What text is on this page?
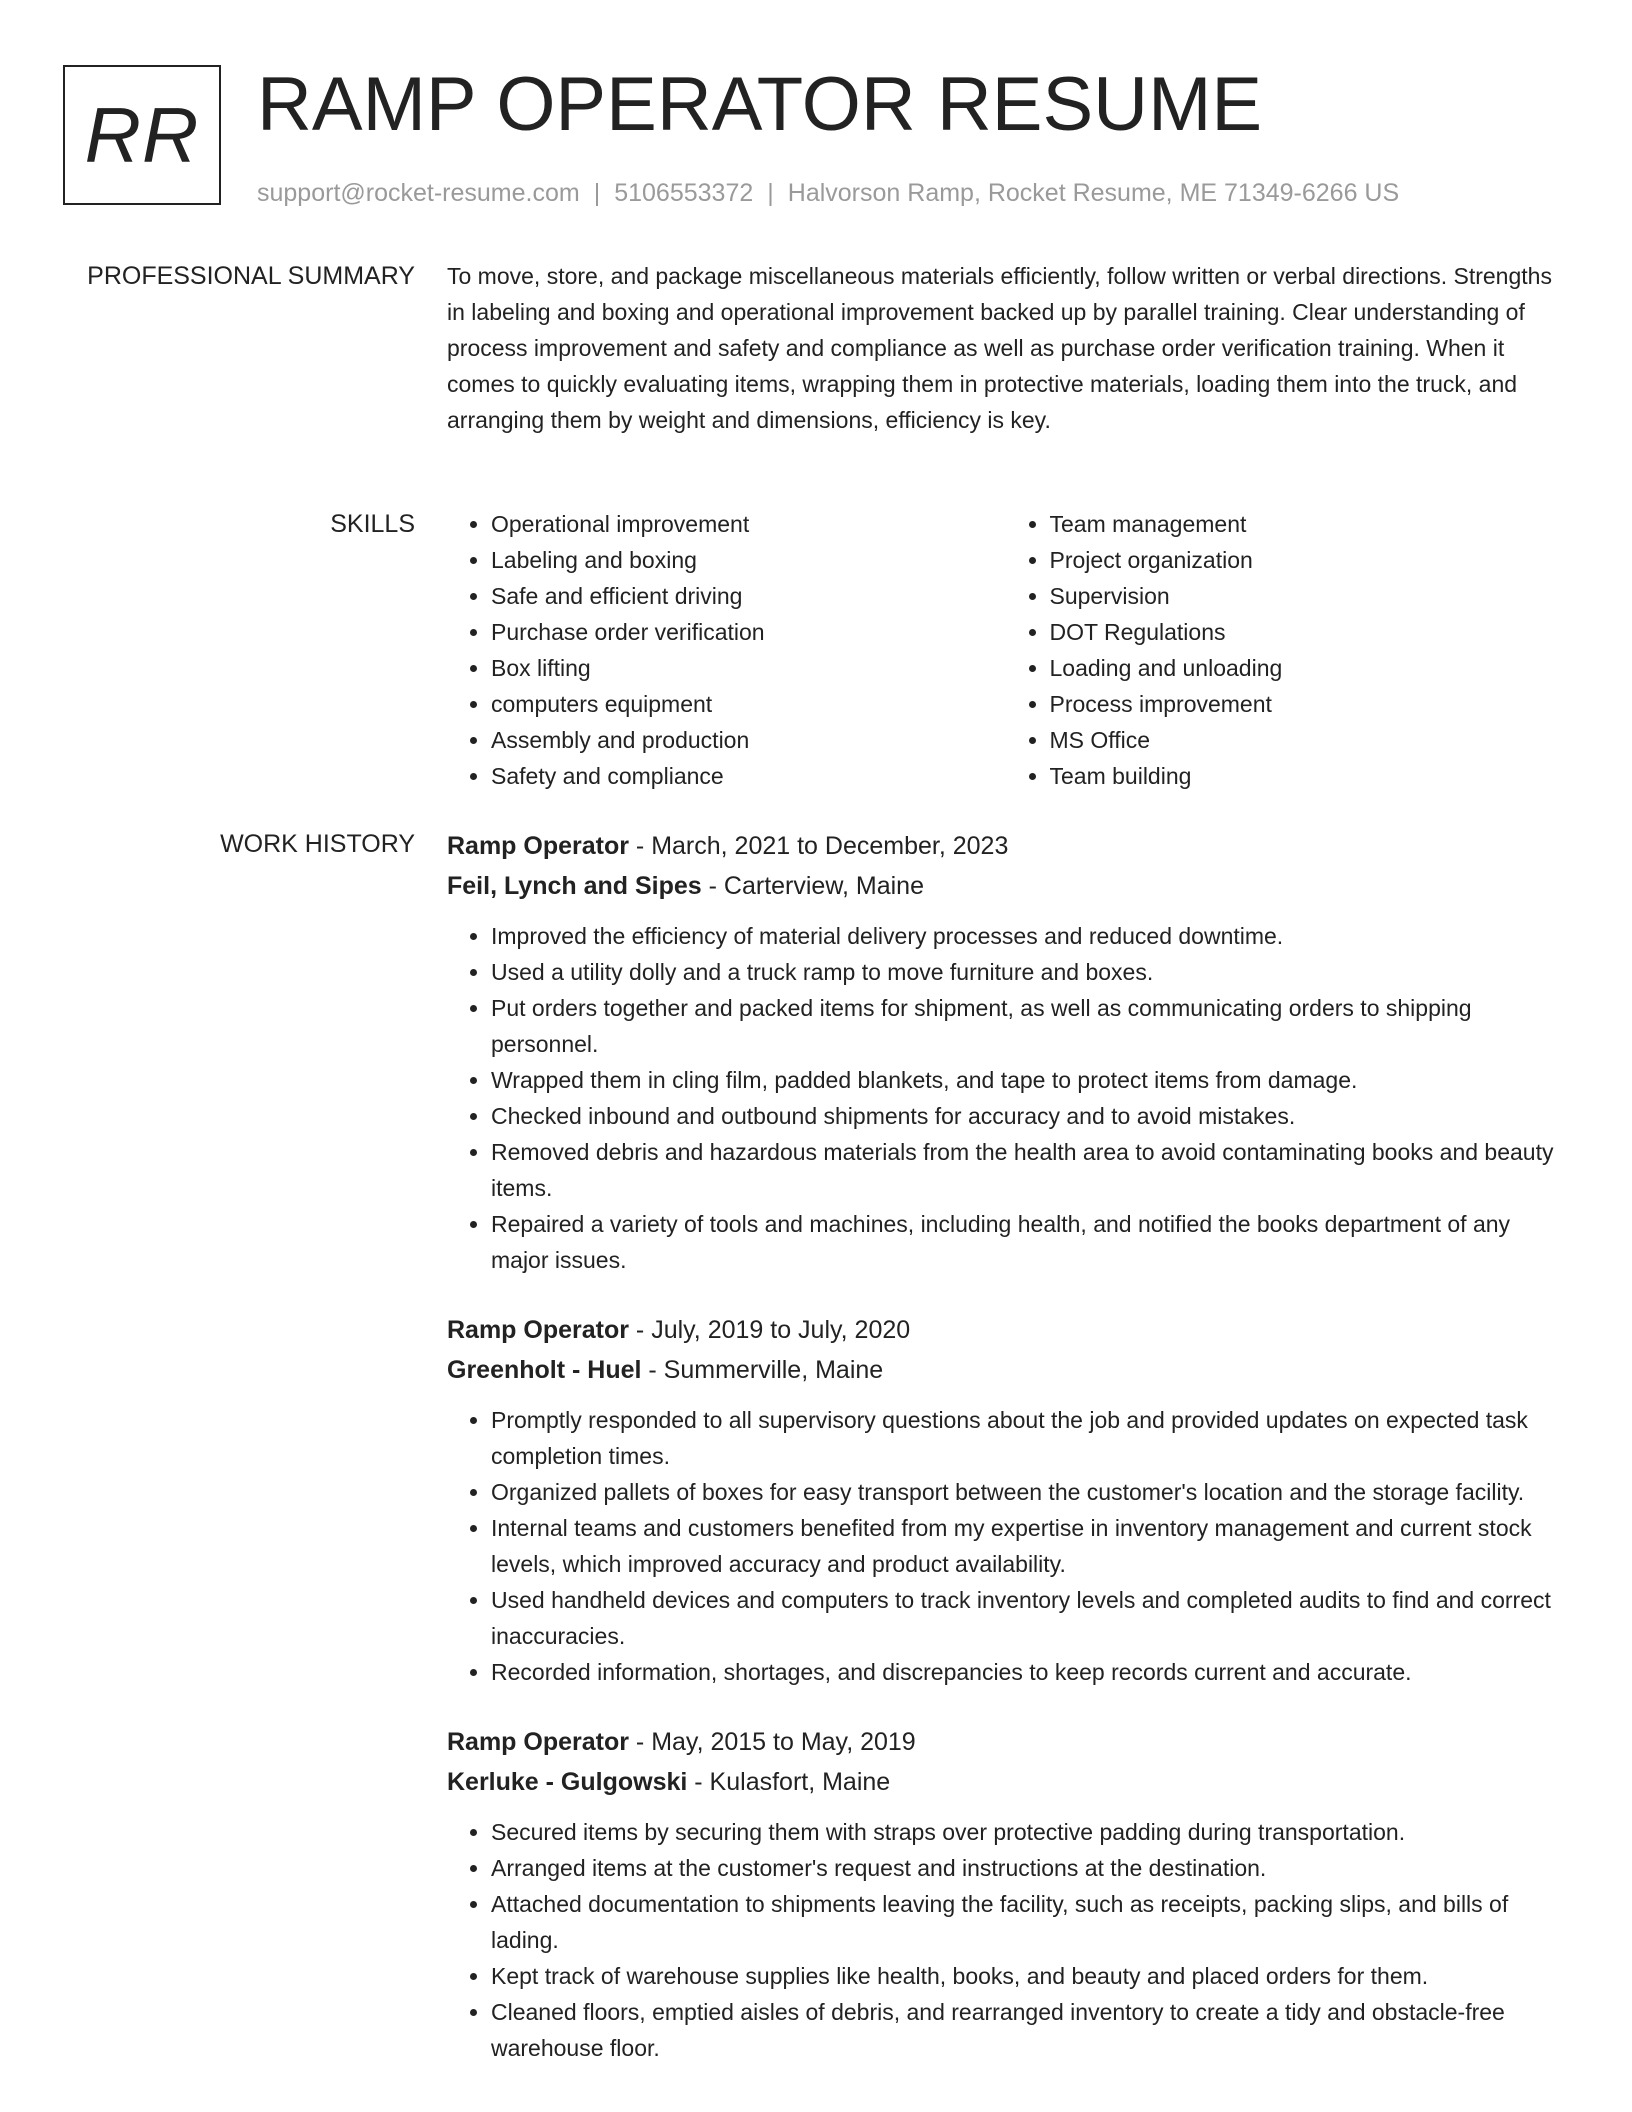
RR RAMP OPERATOR RESUME
support@rocket-resume.com | 5106553372 | Halvorson Ramp, Rocket Resume, ME 71349-6266 US
PROFESSIONAL SUMMARY To move, store, and package miscellaneous materials efficiently, follow written or verbal directions. Strengths in labeling and boxing and operational improvement backed up by parallel training. Clear understanding of process improvement and safety and compliance as well as purchase order verification training. When it comes to quickly evaluating items, wrapping them in protective materials, loading them into the truck, and arranging them by weight and dimensions, efficiency is key.

SKILLS
•	Operational improvement
• Labeling and boxing
• Safe and efficient driving
• Purchase order verification
• Box lifting
• computers equipment
• Assembly and production
• Safety and compliance
• Team management
• Project organization
• Supervision
• DOT Regulations
• Loading and unloading
• Process improvement
• MS Office
• Team building
WORK HISTORY Ramp Operator - March, 2021 to December, 2023
Feil, Lynch and Sipes - Carterview, Maine
• Improved the efficiency of material delivery processes and reduced downtime.
• Used a utility dolly and a truck ramp to move furniture and boxes.
• Put orders together and packed items for shipment, as well as communicating orders to shipping personnel.
• Wrapped them in cling film, padded blankets, and tape to protect items from damage.
• Checked inbound and outbound shipments for accuracy and to avoid mistakes.
• Removed debris and hazardous materials from the health area to avoid contaminating books and beauty items.
• Repaired a variety of tools and machines, including health, and notified the books department of any major issues.
Ramp Operator - July, 2019 to July, 2020
Greenholt - Huel - Summerville, Maine
• Promptly responded to all supervisory questions about the job and provided updates on expected task completion times.
• Organized pallets of boxes for easy transport between the customer's location and the storage facility.
• Internal teams and customers benefited from my expertise in inventory management and current stock levels, which improved accuracy and product availability.
• Used handheld devices and computers to track inventory levels and completed audits to find and correct inaccuracies.
• Recorded information, shortages, and discrepancies to keep records current and accurate.
Ramp Operator - May, 2015 to May, 2019
Kerluke - Gulgowski - Kulasfort, Maine
• Secured items by securing them with straps over protective padding during transportation.
• Arranged items at the customer's request and instructions at the destination.
• Attached documentation to shipments leaving the facility, such as receipts, packing slips, and bills of lading.
• Kept track of warehouse supplies like health, books, and beauty and placed orders for them.
• Cleaned floors, emptied aisles of debris, and rearranged inventory to create a tidy and obstacle-free warehouse floor.
